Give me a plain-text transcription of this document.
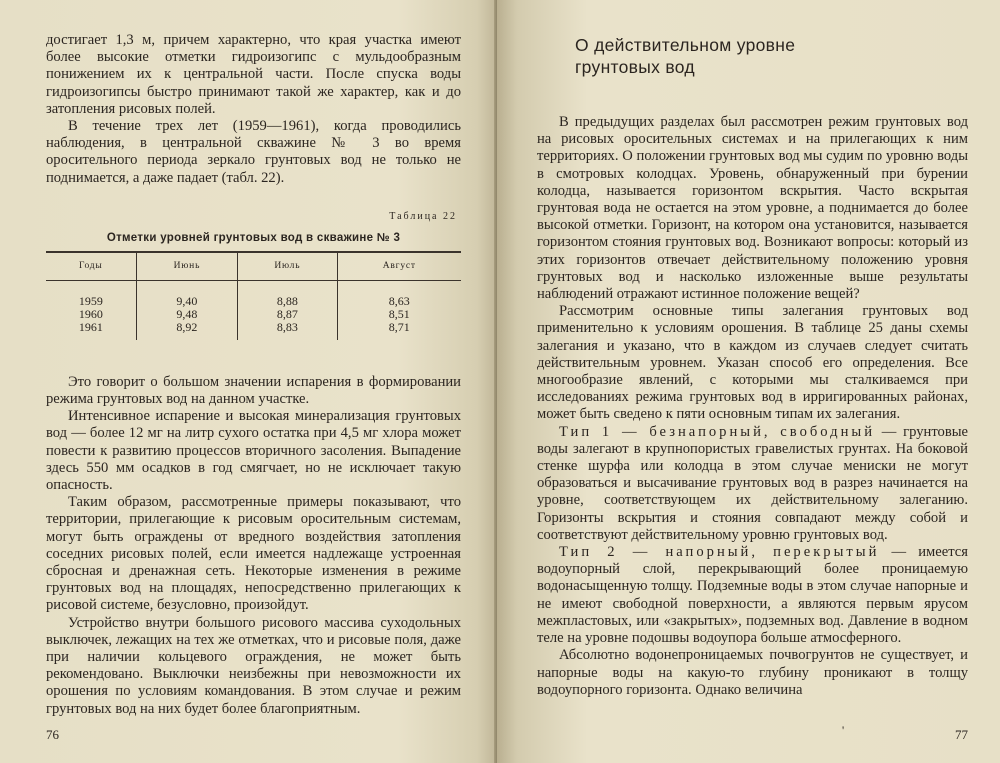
достигает 1,3 м, причем характерно, что края участка имеют более высокие отметки гидроизогипс с мульдообразным понижением их к центральной части. После спуска воды гидроизогипсы быстро принимают такой же характер, как и до затопления рисовых полей.

В течение трех лет (1959—1961), когда проводились наблюдения, в центральной скважине № 3 во время оросительного периода зеркало грунтовых вод не только не поднимается, а даже падает (табл. 22).

Таблица 22
Отметки уровней грунтовых вод в скважине № 3
Годы	Июнь	Июль	Август
1959	9,40	8,88	8,63
1960	9,48	8,87	8,51
1961	8,92	8,83	8,71

Это говорит о большом значении испарения в формировании режима грунтовых вод на данном участке.

Интенсивное испарение и высокая минерализация грунтовых вод — более 12 мг на литр сухого остатка при 4,5 мг хлора может повести к развитию процессов вторичного засоления. Выпадение здесь 550 мм осадков в год смягчает, но не исключает такую опасность.

Таким образом, рассмотренные примеры показывают, что территории, прилегающие к рисовым оросительным системам, могут быть ограждены от вредного воздействия затопления соседних рисовых полей, если имеется надлежаще устроенная сбросная и дренажная сеть. Некоторые изменения в режиме грунтовых вод на площадях, непосредственно прилегающих к рисовой системе, безусловно, произойдут.

Устройство внутри большого рисового массива суходольных выключек, лежащих на тех же отметках, что и рисовые поля, даже при наличии кольцевого ограждения, не может быть рекомендовано. Выключки неизбежны при невозможности их орошения по условиям командования. В этом случае и режим грунтовых вод на них будет более благоприятным.

76
О действительном уровне
грунтовых вод

В предыдущих разделах был рассмотрен режим грунтовых вод на рисовых оросительных системах и на прилегающих к ним территориях. О положении грунтовых вод мы судим по уровню воды в смотровых колодцах. Уровень, обнаруженный при бурении колодца, называется горизонтом вскрытия. Часто вскрытая грунтовая вода не остается на этом уровне, а поднимается до более высокой отметки. Горизонт, на котором она установится, называется горизонтом стояния грунтовых вод. Возникают вопросы: который из этих горизонтов отвечает действительному положению уровня грунтовых вод и насколько изложенные выше результаты наблюдений отражают истинное положение вещей?

Рассмотрим основные типы залегания грунтовых вод применительно к условиям орошения. В таблице 25 даны схемы залегания и указано, что в каждом из случаев следует считать действительным уровнем. Указан способ его определения. Все многообразие явлений, с которыми мы сталкиваемся при исследованиях режима грунтовых вод в ирригированных районах, может быть сведено к пяти основным типам их залегания.

Тип 1 — безнапорный, свободный — грунтовые воды залегают в крупнопористых гравелистых грунтах. На боковой стенке шурфа или колодца в этом случае мениски не могут образоваться и высачивание грунтовых вод в разрез начинается на уровне, соответствующем их действительному залеганию. Горизонты вскрытия и стояния совпадают между собой и соответствуют действительному уровню грунтовых вод.

Тип 2 — напорный, перекрытый — имеется водоупорный слой, перекрывающий более проницаемую водонасыщенную толщу. Подземные воды в этом случае напорные и не имеют свободной поверхности, а являются первым ярусом межпластовых, или «закрытых», подземных вод. Давление в водном теле на уровне подошвы водоупора больше атмосферного.

Абсолютно водонепроницаемых почвогрунтов не существует, и напорные воды на какую-то глубину проникают в толщу водоупорного горизонта. Однако величина

'	77
